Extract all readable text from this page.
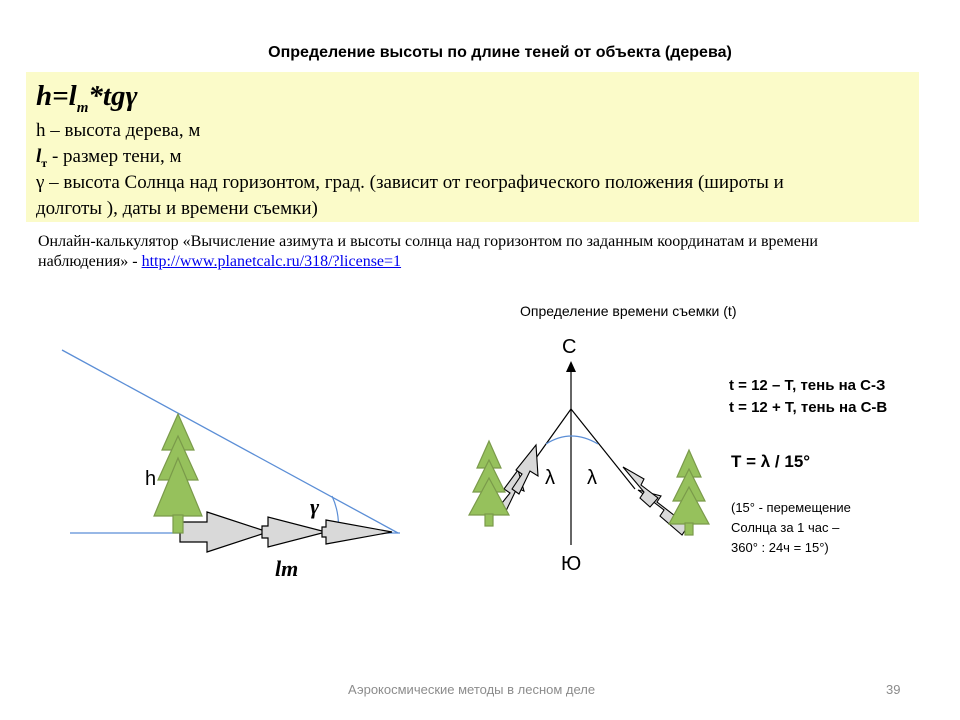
Определение высоты по длине теней от объекта (дерева)
$h=l_т*tg\gamma$
h – высота дерева, м
$l_т$ - размер тени, м
γ – высота Солнца над горизонтом, град. (зависит от географического положения (широты и
долготы ), даты и времени съемки)
Онлайн-калькулятор «Вычисление азимута и высоты солнца над горизонтом по заданным координатам и времени наблюдения» - http://www.planetcalc.ru/318/?license=1
Определение времени съемки (t)
h
γ
lт
С
Ю
λ λ
t = 12 – Т, тень на С-З
t = 12 + Т, тень на С-В
T = λ / 15°
(15° - перемещение
Солнца за 1 час –
360° : 24ч = 15°)
Аэрокосмические методы в лесном деле	39
